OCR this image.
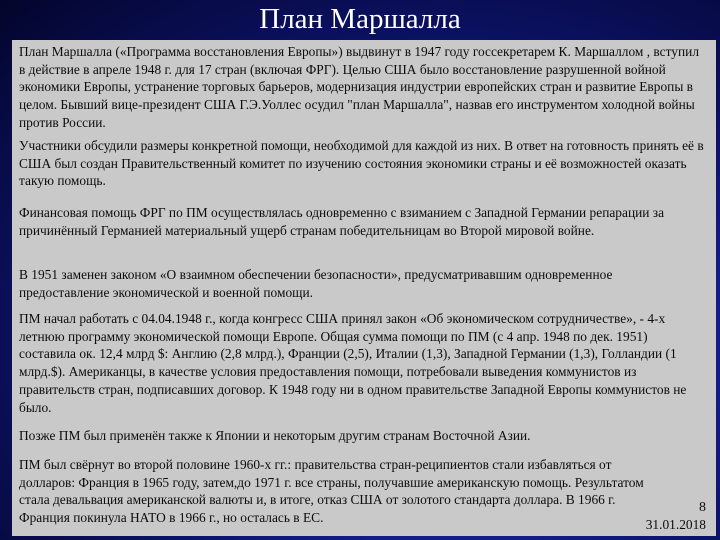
План Маршалла

План Маршалла («Программа восстановления Европы») выдвинут в 1947 году госсекретарем К. Маршаллом , вступил в действие в апреле 1948 г. для 17 стран (включая ФРГ). Целью США было восстановление разрушенной войной экономики Европы, устранение торговых барьеров, модернизация индустрии европейских стран и развитие Европы в целом. Бывший вице-президент США Г.Э.Уоллес осудил "план Маршалла", назвав его инструментом холодной войны против России.

Участники обсудили размеры конкретной помощи, необходимой для каждой из них. В ответ на готовность принять её в США был создан Правительственный комитет по изучению состояния экономики страны и её возможностей оказать такую помощь.

Финансовая помощь ФРГ по ПМ осуществлялась одновременно с взиманием с Западной Германии репарации за причинённый Германией материальный ущерб странам победительницам во Второй мировой войне.

В 1951 заменен законом «О взаимном обеспечении безопасности», предусматривавшим одновременное предоставление экономической и военной помощи.

ПМ начал работать с 04.04.1948 г., когда конгресс США принял закон «Об экономическом сотрудничестве», - 4-х летнюю программу экономической помощи Европе. Общая сумма помощи по ПМ (с 4 апр. 1948 по дек. 1951) составила ок. 12,4 млрд $: Англию (2,8 млрд.), Франции (2,5), Италии (1,3), Западной Германии (1,3), Голландии (1 млрд.$). Американцы, в качестве условия предоставления помощи, потребовали выведения коммунистов из правительств стран, подписавших договор. К 1948 году ни в одном правительстве Западной Европы коммунистов не было.

Позже ПМ был применён также к Японии и некоторым другим странам Восточной Азии.

ПМ был свёрнут во второй половине 1960-х гг.: правительства стран-реципиентов стали избавляться от долларов: Франция в 1965 году, затем,до 1971 г. все страны, получавшие американскую помощь. Результатом стала девальвация американской валюты и, в итоге, отказ США от золотого стандарта доллара. В 1966 г. Франция покинула НАТО в 1966 г., но осталась в ЕС.

8
31.01.2018
